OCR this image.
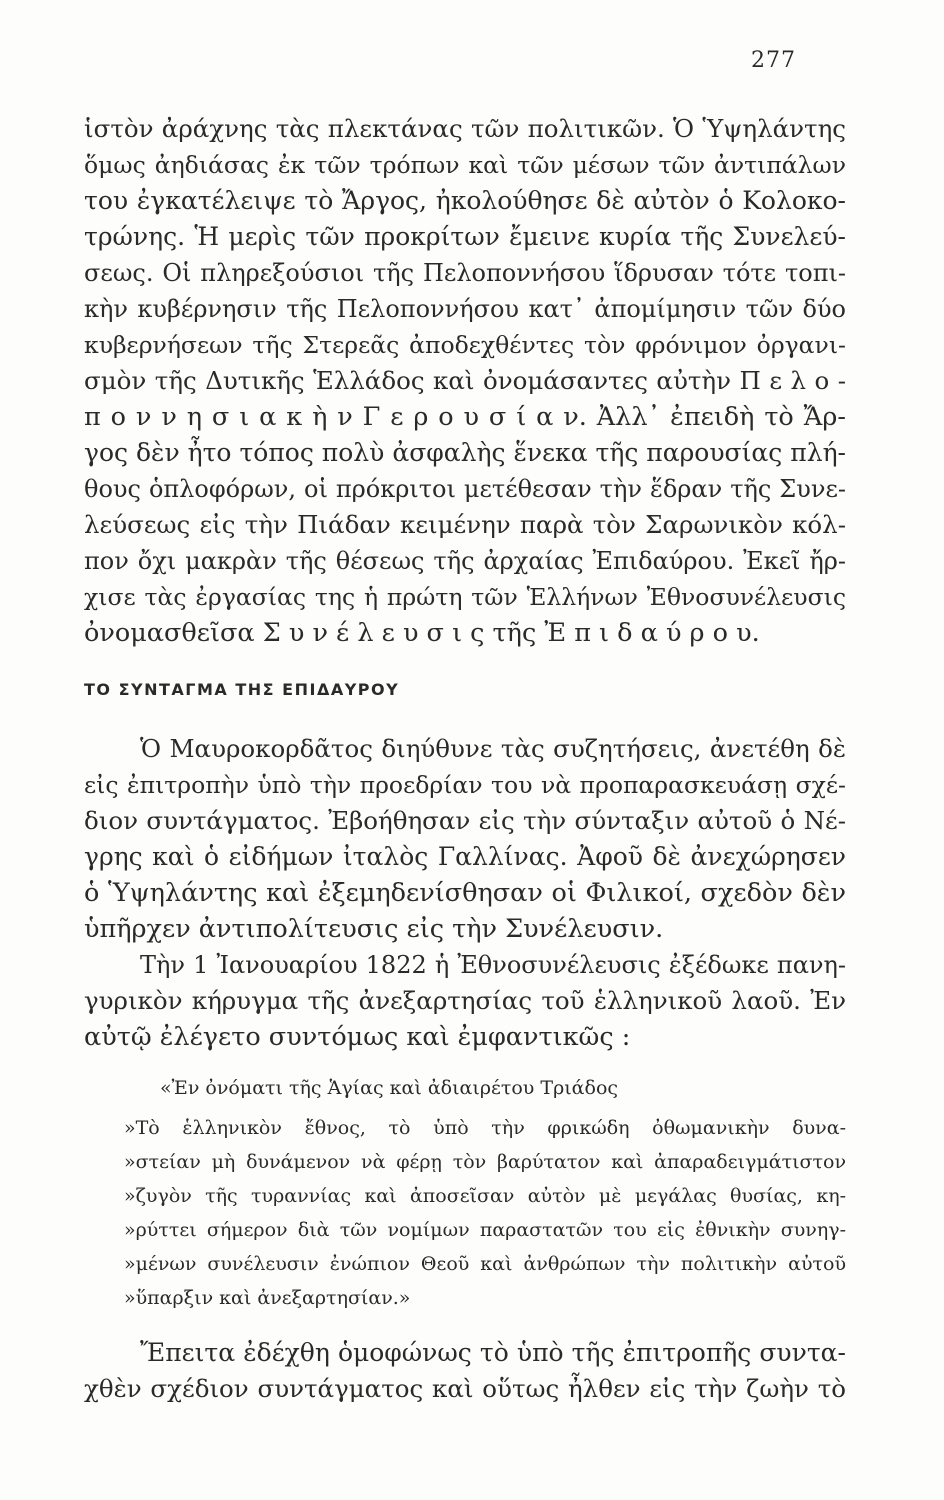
277
ἱστὸν ἀράχνης τὰς πλεκτάνας τῶν πολιτικῶν. Ὁ Ὑψηλάντης
ὅμως ἀηδιάσας ἐκ τῶν τρόπων καὶ τῶν μέσων τῶν ἀντιπάλων
του ἐγκατέλειψε τὸ Ἄργος, ἠκολούθησε δὲ αὐτὸν ὁ Κολοκο-
τρώνης. Ἡ μερὶς τῶν προκρίτων ἔμεινε κυρία τῆς Συνελεύ-
σεως. Οἱ πληρεξούσιοι τῆς Πελοποννήσου ἵδρυσαν τότε τοπι-
κὴν κυβέρνησιν τῆς Πελοποννήσου κατ᾿ ἀπομίμησιν τῶν δύο
κυβερνήσεων τῆς Στερεᾶς ἀποδεχθέντες τὸν φρόνιμον ὀργανι-
σμὸν τῆς Δυτικῆς Ἑλλάδος καὶ ὀνομάσαντες αὐτὴν Π ε λ ο -
π ο ν ν η σ ι α κ ὴ ν Γ ε ρ ο υ σ ί α ν. Ἀλλ᾿ ἐπειδὴ τὸ Ἄρ-
γος δὲν ἦτο τόπος πολὺ ἀσφαλὴς ἕνεκα τῆς παρουσίας πλή-
θους ὁπλοφόρων, οἱ πρόκριτοι μετέθεσαν τὴν ἕδραν τῆς Συνε-
λεύσεως εἰς τὴν Πιάδαν κειμένην παρὰ τὸν Σαρωνικὸν κόλ-
πον ὄχι μακρὰν τῆς θέσεως τῆς ἀρχαίας Ἐπιδαύρου. Ἐκεῖ ἤρ-
χισε τὰς ἐργασίας της ἡ πρώτη τῶν Ἑλλήνων Ἐθνοσυνέλευσις
ὀνομασθεῖσα Σ υ ν έ λ ε υ σ ι ς τῆς Ἐ π ι δ α ύ ρ ο υ.
ΤΟ ΣΥΝΤΑΓΜΑ ΤΗΣ ΕΠΙΔΑΥΡΟΥ
Ὁ Μαυροκορδᾶτος διηύθυνε τὰς συζητήσεις, ἀνετέθη δὲ
εἰς ἐπιτροπὴν ὑπὸ τὴν προεδρίαν του νὰ προπαρασκευάσῃ σχέ-
διον συντάγματος. Ἐβοήθησαν εἰς τὴν σύνταξιν αὐτοῦ ὁ Νέ-
γρης καὶ ὁ εἰδήμων ἰταλὸς Γαλλίνας. Ἀφοῦ δὲ ἀνεχώρησεν
ὁ Ὑψηλάντης καὶ ἐξεμηδενίσθησαν οἱ Φιλικοί, σχεδὸν δὲν
ὑπῆρχεν ἀντιπολίτευσις εἰς τὴν Συνέλευσιν.
Τὴν 1 Ἰανουαρίου 1822 ἡ Ἐθνοσυνέλευσις ἐξέδωκε πανη-
γυρικὸν κήρυγμα τῆς ἀνεξαρτησίας τοῦ ἑλληνικοῦ λαοῦ. Ἐν
αὐτῷ ἐλέγετο συντόμως καὶ ἐμφαντικῶς :
«Ἐν ὀνόματι τῆς Ἁγίας καὶ ἀδιαιρέτου Τριάδος
»Τὸ ἑλληνικὸν ἔθνος, τὸ ὑπὸ τὴν φρικώδη ὀθωμανικὴν δυνα-
»στείαν μὴ δυνάμενον νὰ φέρῃ τὸν βαρύτατον καὶ ἀπαραδειγμάτιστον
»ζυγὸν τῆς τυραννίας καὶ ἀποσεῖσαν αὐτὸν μὲ μεγάλας θυσίας, κη-
»ρύττει σήμερον διὰ τῶν νομίμων παραστατῶν του εἰς ἐθνικὴν συνηγ-
»μένων συνέλευσιν ἐνώπιον Θεοῦ καὶ ἀνθρώπων τὴν πολιτικὴν αὐτοῦ
»ὕπαρξιν καὶ ἀνεξαρτησίαν.»
Ἔπειτα ἐδέχθη ὁμοφώνως τὸ ὑπὸ τῆς ἐπιτροπῆς συντα-
χθὲν σχέδιον συντάγματος καὶ οὕτως ἦλθεν εἰς τὴν ζωὴν τὸ
